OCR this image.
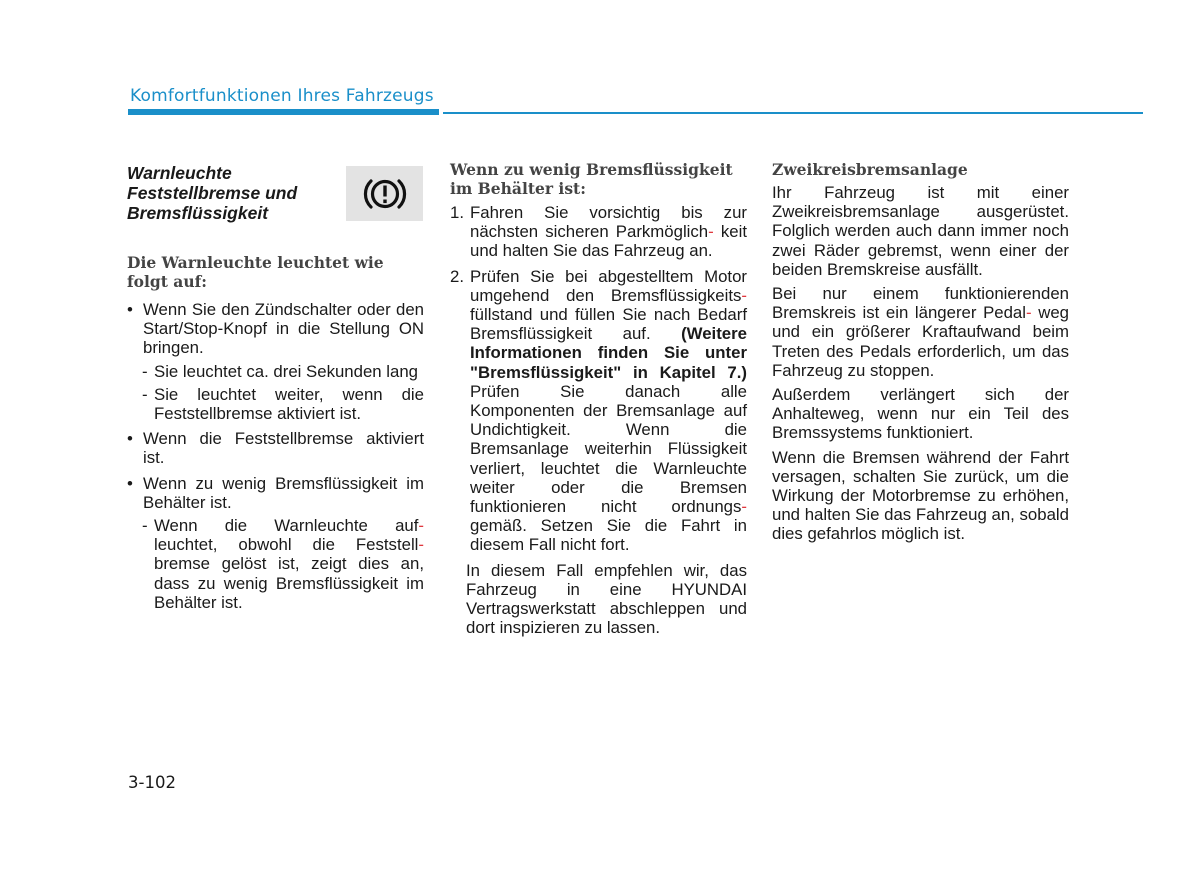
Komfortfunktionen Ihres Fahrzeugs
Warnleuchte Feststellbremse und Bremsflüssigkeit
Die Warnleuchte leuchtet wie folgt auf:
• Wenn Sie den Zündschalter oder den Start/Stop-Knopf in die Stellung ON bringen.
- Sie leuchtet ca. drei Sekunden lang
- Sie leuchtet weiter, wenn die Feststellbremse aktiviert ist.
• Wenn die Feststellbremse aktiviert ist.
• Wenn zu wenig Bremsflüssigkeit im Behälter ist.
- Wenn die Warnleuchte auf- leuchtet, obwohl die Feststell- bremse gelöst ist, zeigt dies an, dass zu wenig Bremsflüssigkeit im Behälter ist.
Wenn zu wenig Bremsflüssigkeit im Behälter ist:
1. Fahren Sie vorsichtig bis zur nächsten sicheren Parkmöglich- keit und halten Sie das Fahrzeug an.
2. Prüfen Sie bei abgestelltem Motor umgehend den Bremsflüssigkeits- füllstand und füllen Sie nach Bedarf Bremsflüssigkeit auf. (Weitere Informationen finden Sie unter "Bremsflüssigkeit" in Kapitel 7.) Prüfen Sie danach alle Komponenten der Bremsanlage auf Undichtigkeit. Wenn die Bremsanlage weiterhin Flüssigkeit verliert, leuchtet die Warnleuchte weiter oder die Bremsen funktionieren nicht ordnungs- gemäß. Setzen Sie die Fahrt in diesem Fall nicht fort.
In diesem Fall empfehlen wir, das Fahrzeug in eine HYUNDAI Vertragswerkstatt abschleppen und dort inspizieren zu lassen.
Zweikreisbremsanlage

Ihr Fahrzeug ist mit einer Zweikreisbremsanlage ausgerüstet. Folglich werden auch dann immer noch zwei Räder gebremst, wenn einer der beiden Bremskreise ausfällt.

Bei nur einem funktionierenden Bremskreis ist ein längerer Pedal- weg und ein größerer Kraftaufwand beim Treten des Pedals erforderlich, um das Fahrzeug zu stoppen.

Außerdem verlängert sich der Anhalteweg, wenn nur ein Teil des Bremssystems funktioniert.

Wenn die Bremsen während der Fahrt versagen, schalten Sie zurück, um die Wirkung der Motorbremse zu erhöhen, und halten Sie das Fahrzeug an, sobald dies gefahrlos möglich ist.

3-102
